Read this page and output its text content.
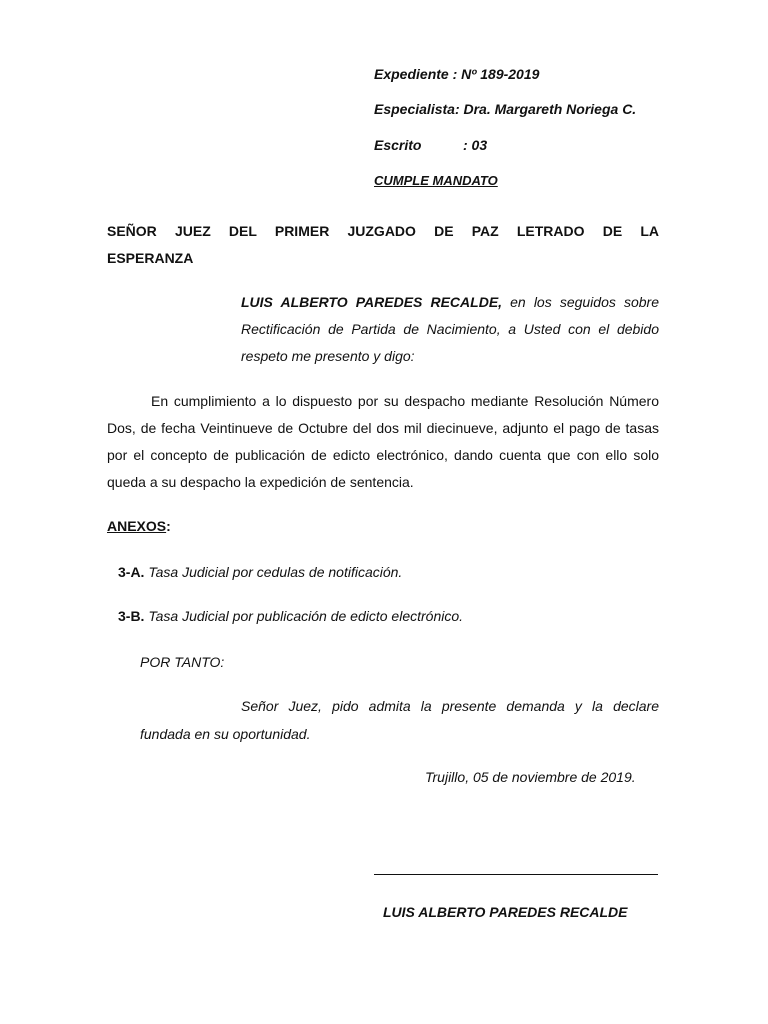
Expediente : Nº 189-2019
Especialista: Dra. Margareth Noriega C.
Escrito	: 03
CUMPLE MANDATO
SEÑOR JUEZ DEL PRIMER JUZGADO DE PAZ LETRADO DE LA
ESPERANZA
LUIS ALBERTO PAREDES RECALDE, en los seguidos sobre Rectificación de Partida de Nacimiento, a Usted con el debido respeto me presento y digo:
En cumplimiento a lo dispuesto por su despacho mediante Resolución Número Dos, de fecha Veintinueve de Octubre del dos mil diecinueve, adjunto el pago de tasas por el concepto de publicación de edicto electrónico, dando cuenta que con ello solo queda a su despacho la expedición de sentencia.
ANEXOS:
3-A. Tasa Judicial por cedulas de notificación.
3-B. Tasa Judicial por publicación de edicto electrónico.
POR TANTO:
Señor Juez, pido admita la presente demanda y la declare
fundada en su oportunidad.
Trujillo, 05 de noviembre de 2019.
LUIS ALBERTO PAREDES RECALDE
